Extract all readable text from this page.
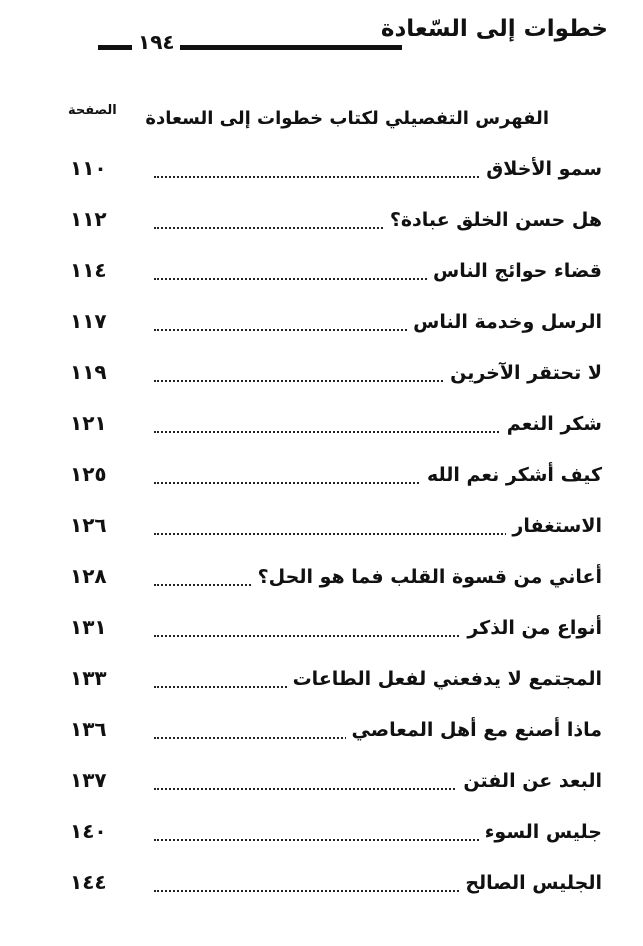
خطوات إلى السّعادة
١٩٤
الفهرس التفصيلي لكتاب خطوات إلى السعادة
الصفحة
سمو الأخلاق
١١٠
هل حسن الخلق عبادة؟
١١٢
قضاء حوائج الناس
١١٤
الرسل وخدمة الناس
١١٧
لا تحتقر الآخرين
١١٩
شكر النعم
١٢١
كيف أشكر نعم الله
١٢٥
الاستغفار
١٢٦
أعاني من قسوة القلب فما هو الحل؟
١٢٨
أنواع من الذكر
١٣١
المجتمع لا يدفعني لفعل الطاعات
١٣٣
ماذا أصنع مع أهل المعاصي
١٣٦
البعد عن الفتن
١٣٧
جليس السوء
١٤٠
الجليس الصالح
١٤٤
